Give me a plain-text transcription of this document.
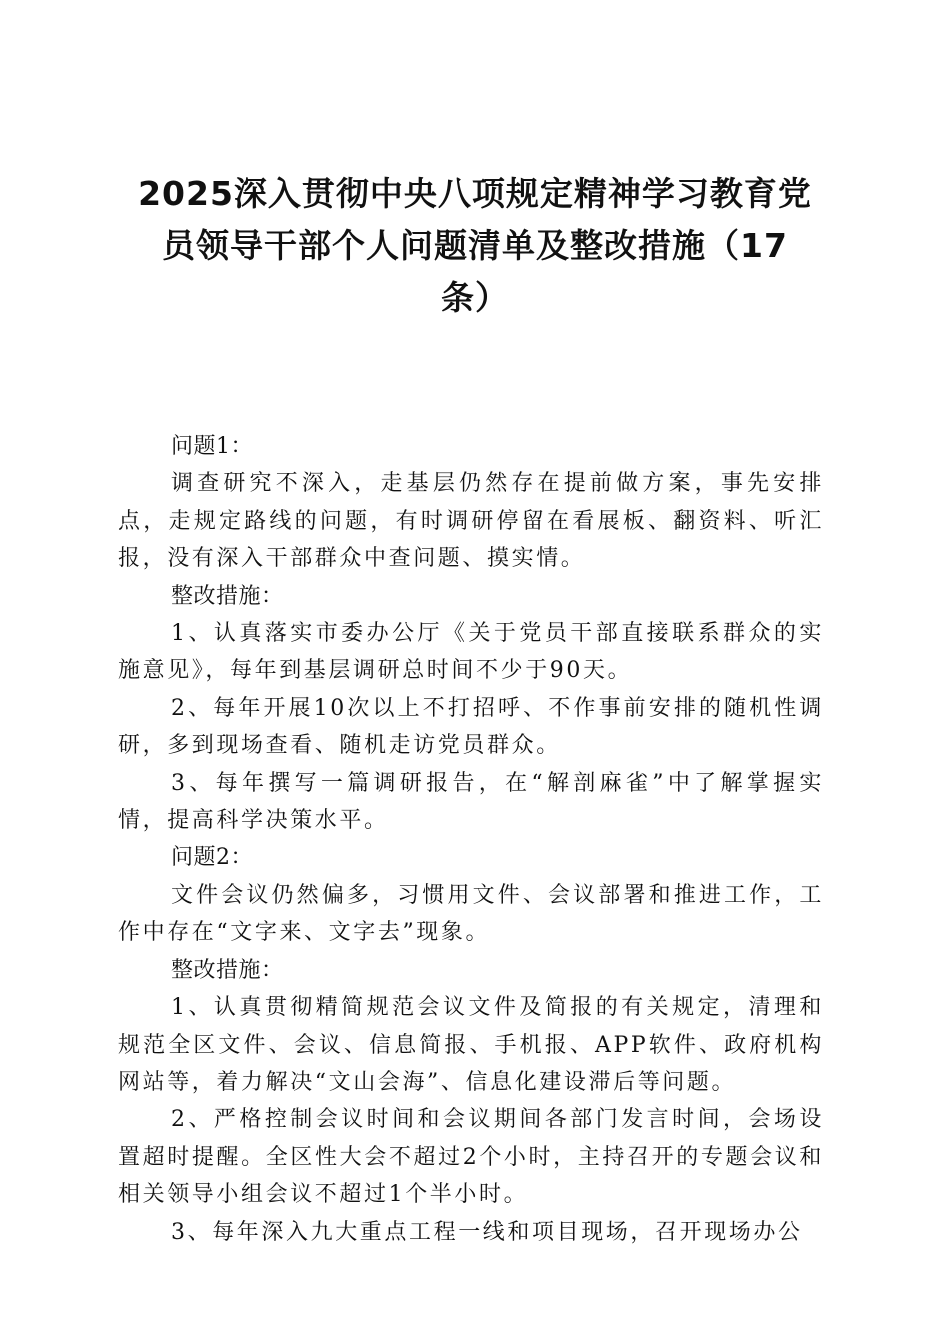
2025深入贯彻中央八项规定精神学习教育党
员领导干部个人问题清单及整改措施（17
条）

问题1：

调查研究不深入，走基层仍然存在提前做方案，事先安排点，走规定路线的问题，有时调研停留在看展板、翻资料、听汇报，没有深入干部群众中查问题、摸实情。

整改措施：

1、认真落实市委办公厅《关于党员干部直接联系群众的实施意见》，每年到基层调研总时间不少于90天。

2、每年开展10次以上不打招呼、不作事前安排的随机性调研，多到现场查看、随机走访党员群众。

3、每年撰写一篇调研报告，在“解剖麻雀”中了解掌握实情，提高科学决策水平。

问题2：

文件会议仍然偏多，习惯用文件、会议部署和推进工作，工作中存在“文字来、文字去”现象。

整改措施：

1、认真贯彻精简规范会议文件及简报的有关规定，清理和规范全区文件、会议、信息简报、手机报、APP软件、政府机构网站等，着力解决“文山会海”、信息化建设滞后等问题。

2、严格控制会议时间和会议期间各部门发言时间，会场设置超时提醒。全区性大会不超过2个小时，主持召开的专题会议和相关领导小组会议不超过1个半小时。

3、每年深入九大重点工程一线和项目现场，召开现场办公
